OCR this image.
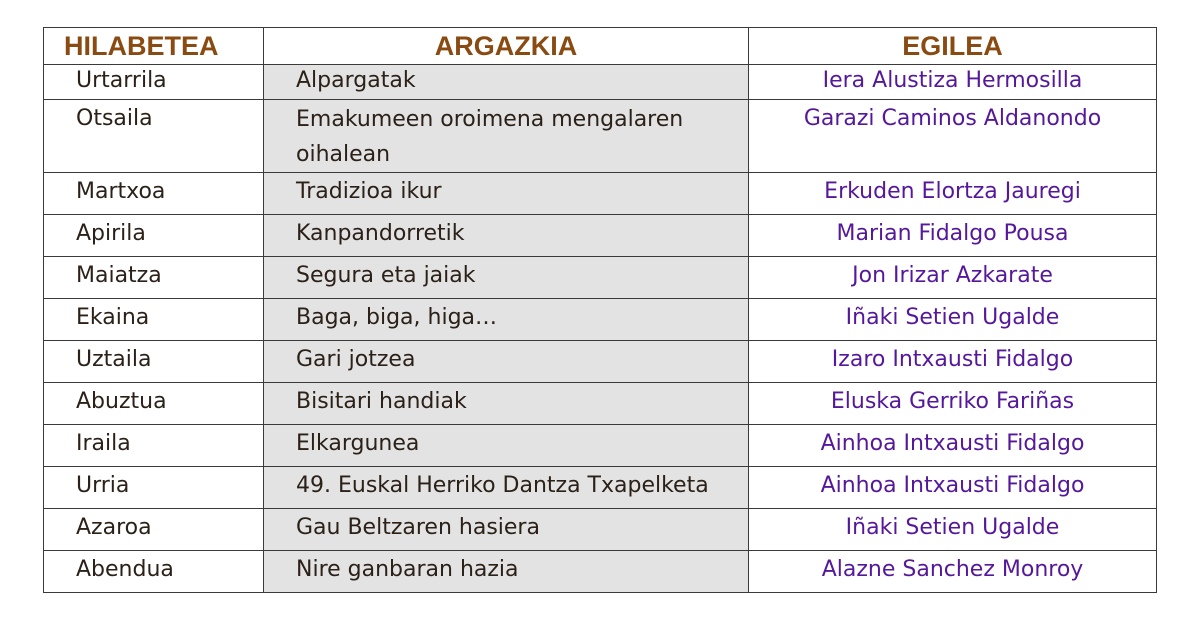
HILABETEA	ARGAZKIA	EGILEA
Urtarrila	Alpargatak	Iera Alustiza Hermosilla
Otsaila	Emakumeen oroimena mengalaren oihalean	Garazi Caminos Aldanondo
Martxoa	Tradizioa ikur	Erkuden Elortza Jauregi
Apirila	Kanpandorretik	Marian Fidalgo Pousa
Maiatza	Segura eta jaiak	Jon Irizar Azkarate
Ekaina	Baga, biga, higa…	Iñaki Setien Ugalde
Uztaila	Gari jotzea	Izaro Intxausti Fidalgo
Abuztua	Bisitari handiak	Eluska Gerriko Fariñas
Iraila	Elkargunea	Ainhoa Intxausti Fidalgo
Urria	49. Euskal Herriko Dantza Txapelketa	Ainhoa Intxausti Fidalgo
Azaroa	Gau Beltzaren hasiera	Iñaki Setien Ugalde
Abendua	Nire ganbaran hazia	Alazne Sanchez Monroy
